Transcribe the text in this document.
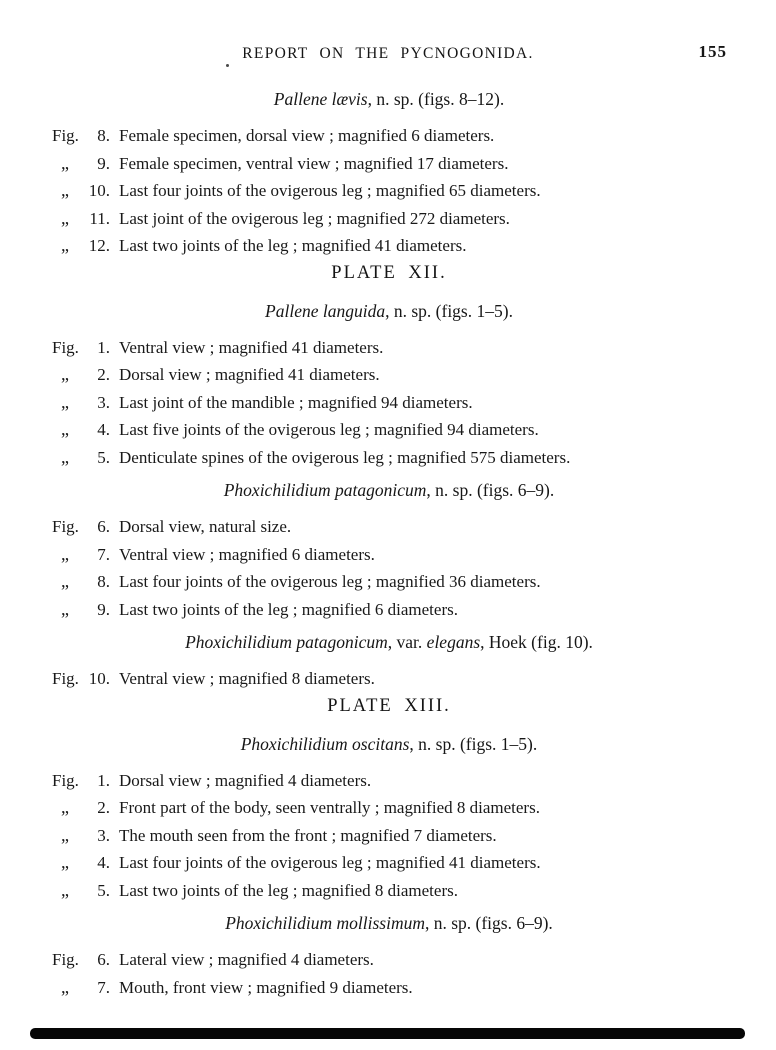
REPORT ON THE PYCNOGONIDA.	155
Pallene lævis, n. sp. (figs. 8–12).
Fig.	8. Female specimen, dorsal view ; magnified 6 diameters.
„	9. Female specimen, ventral view ; magnified 17 diameters.
„	10. Last four joints of the ovigerous leg ; magnified 65 diameters.
„	11. Last joint of the ovigerous leg ; magnified 272 diameters.
„	12. Last two joints of the leg ; magnified 41 diameters.
PLATE XII.
Pallene languida, n. sp. (figs. 1–5).
Fig.	1. Ventral view ; magnified 41 diameters.
„	2. Dorsal view ; magnified 41 diameters.
„	3. Last joint of the mandible ; magnified 94 diameters.
„	4. Last five joints of the ovigerous leg ; magnified 94 diameters.
„	5. Denticulate spines of the ovigerous leg ; magnified 575 diameters.
Phoxichilidium patagonicum, n. sp. (figs. 6–9).
Fig.	6. Dorsal view, natural size.
„	7. Ventral view ; magnified 6 diameters.
„	8. Last four joints of the ovigerous leg ; magnified 36 diameters.
„	9. Last two joints of the leg ; magnified 6 diameters.
Phoxichilidium patagonicum, var. elegans, Hoek (fig. 10).
Fig. 10. Ventral view ; magnified 8 diameters.
PLATE XIII.
Phoxichilidium oscitans, n. sp. (figs. 1–5).
Fig.	1. Dorsal view ; magnified 4 diameters.
„	2. Front part of the body, seen ventrally ; magnified 8 diameters.
„	3. The mouth seen from the front ; magnified 7 diameters.
„	4. Last four joints of the ovigerous leg ; magnified 41 diameters.
„	5. Last two joints of the leg ; magnified 8 diameters.
Phoxichilidium mollissimum, n. sp. (figs. 6–9).
Fig.	6. Lateral view ; magnified 4 diameters.
„	7. Mouth, front view ; magnified 9 diameters.
